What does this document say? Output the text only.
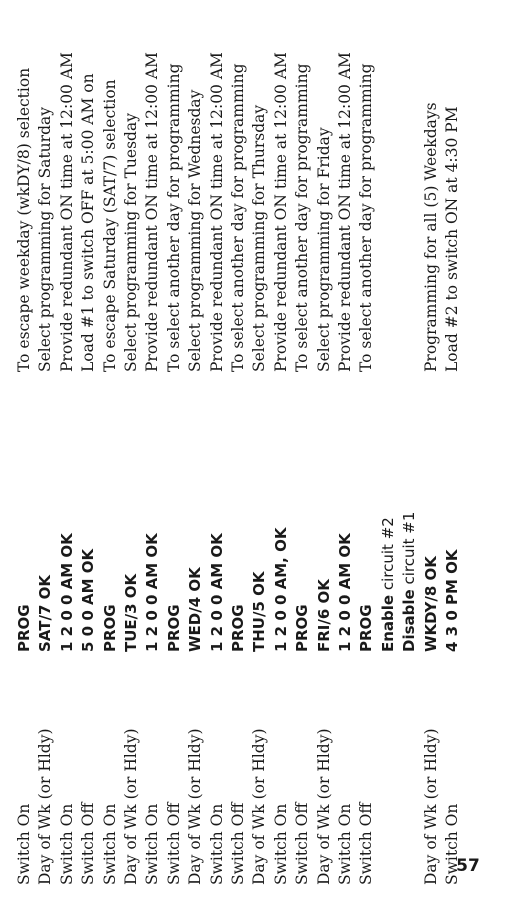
Switch On
PROG
To escape weekday (wkDY/8) selection
Day of Wk (or Hldy)
SAT/7 OK
Select programming for Saturday
Switch On
1 2 0 0 AM OK
Provide redundant ON time at 12:00 AM
Switch Off
5 0 0 AM OK
Load #1 to switch OFF at 5:00 AM on
Switch On
PROG
To escape Saturday (SAT/7) selection
Day of Wk (or Hldy)
TUE/3 OK
Select programming for Tuesday
Switch On
1 2 0 0 AM OK
Provide redundant ON time at 12:00 AM
Switch Off
PROG
To select another day for programming
Day of Wk (or Hldy)
WED/4 OK
Select programming for Wednesday
Switch On
1 2 0 0 AM OK
Provide redundant ON time at 12:00 AM
Switch Off
PROG
To select another day for programming
Day of Wk (or Hldy)
THU/5 OK
Select programming for Thursday
Switch On
1 2 0 0 AM, OK
Provide redundant ON time at 12:00 AM
Switch Off
PROG
To select another day for programming
Day of Wk (or Hldy)
FRI/6 OK
Select programming for Friday
Switch On
1 2 0 0 AM OK
Provide redundant ON time at 12:00 AM
Switch Off
PROG
To select another day for programming
Enable circuit #2
Disable circuit #1
Day of Wk (or Hldy)
WKDY/8 OK
Programming for all (5) Weekdays
Switch On
4 3 0 PM OK
Load #2 to switch ON at 4:30 PM
57
